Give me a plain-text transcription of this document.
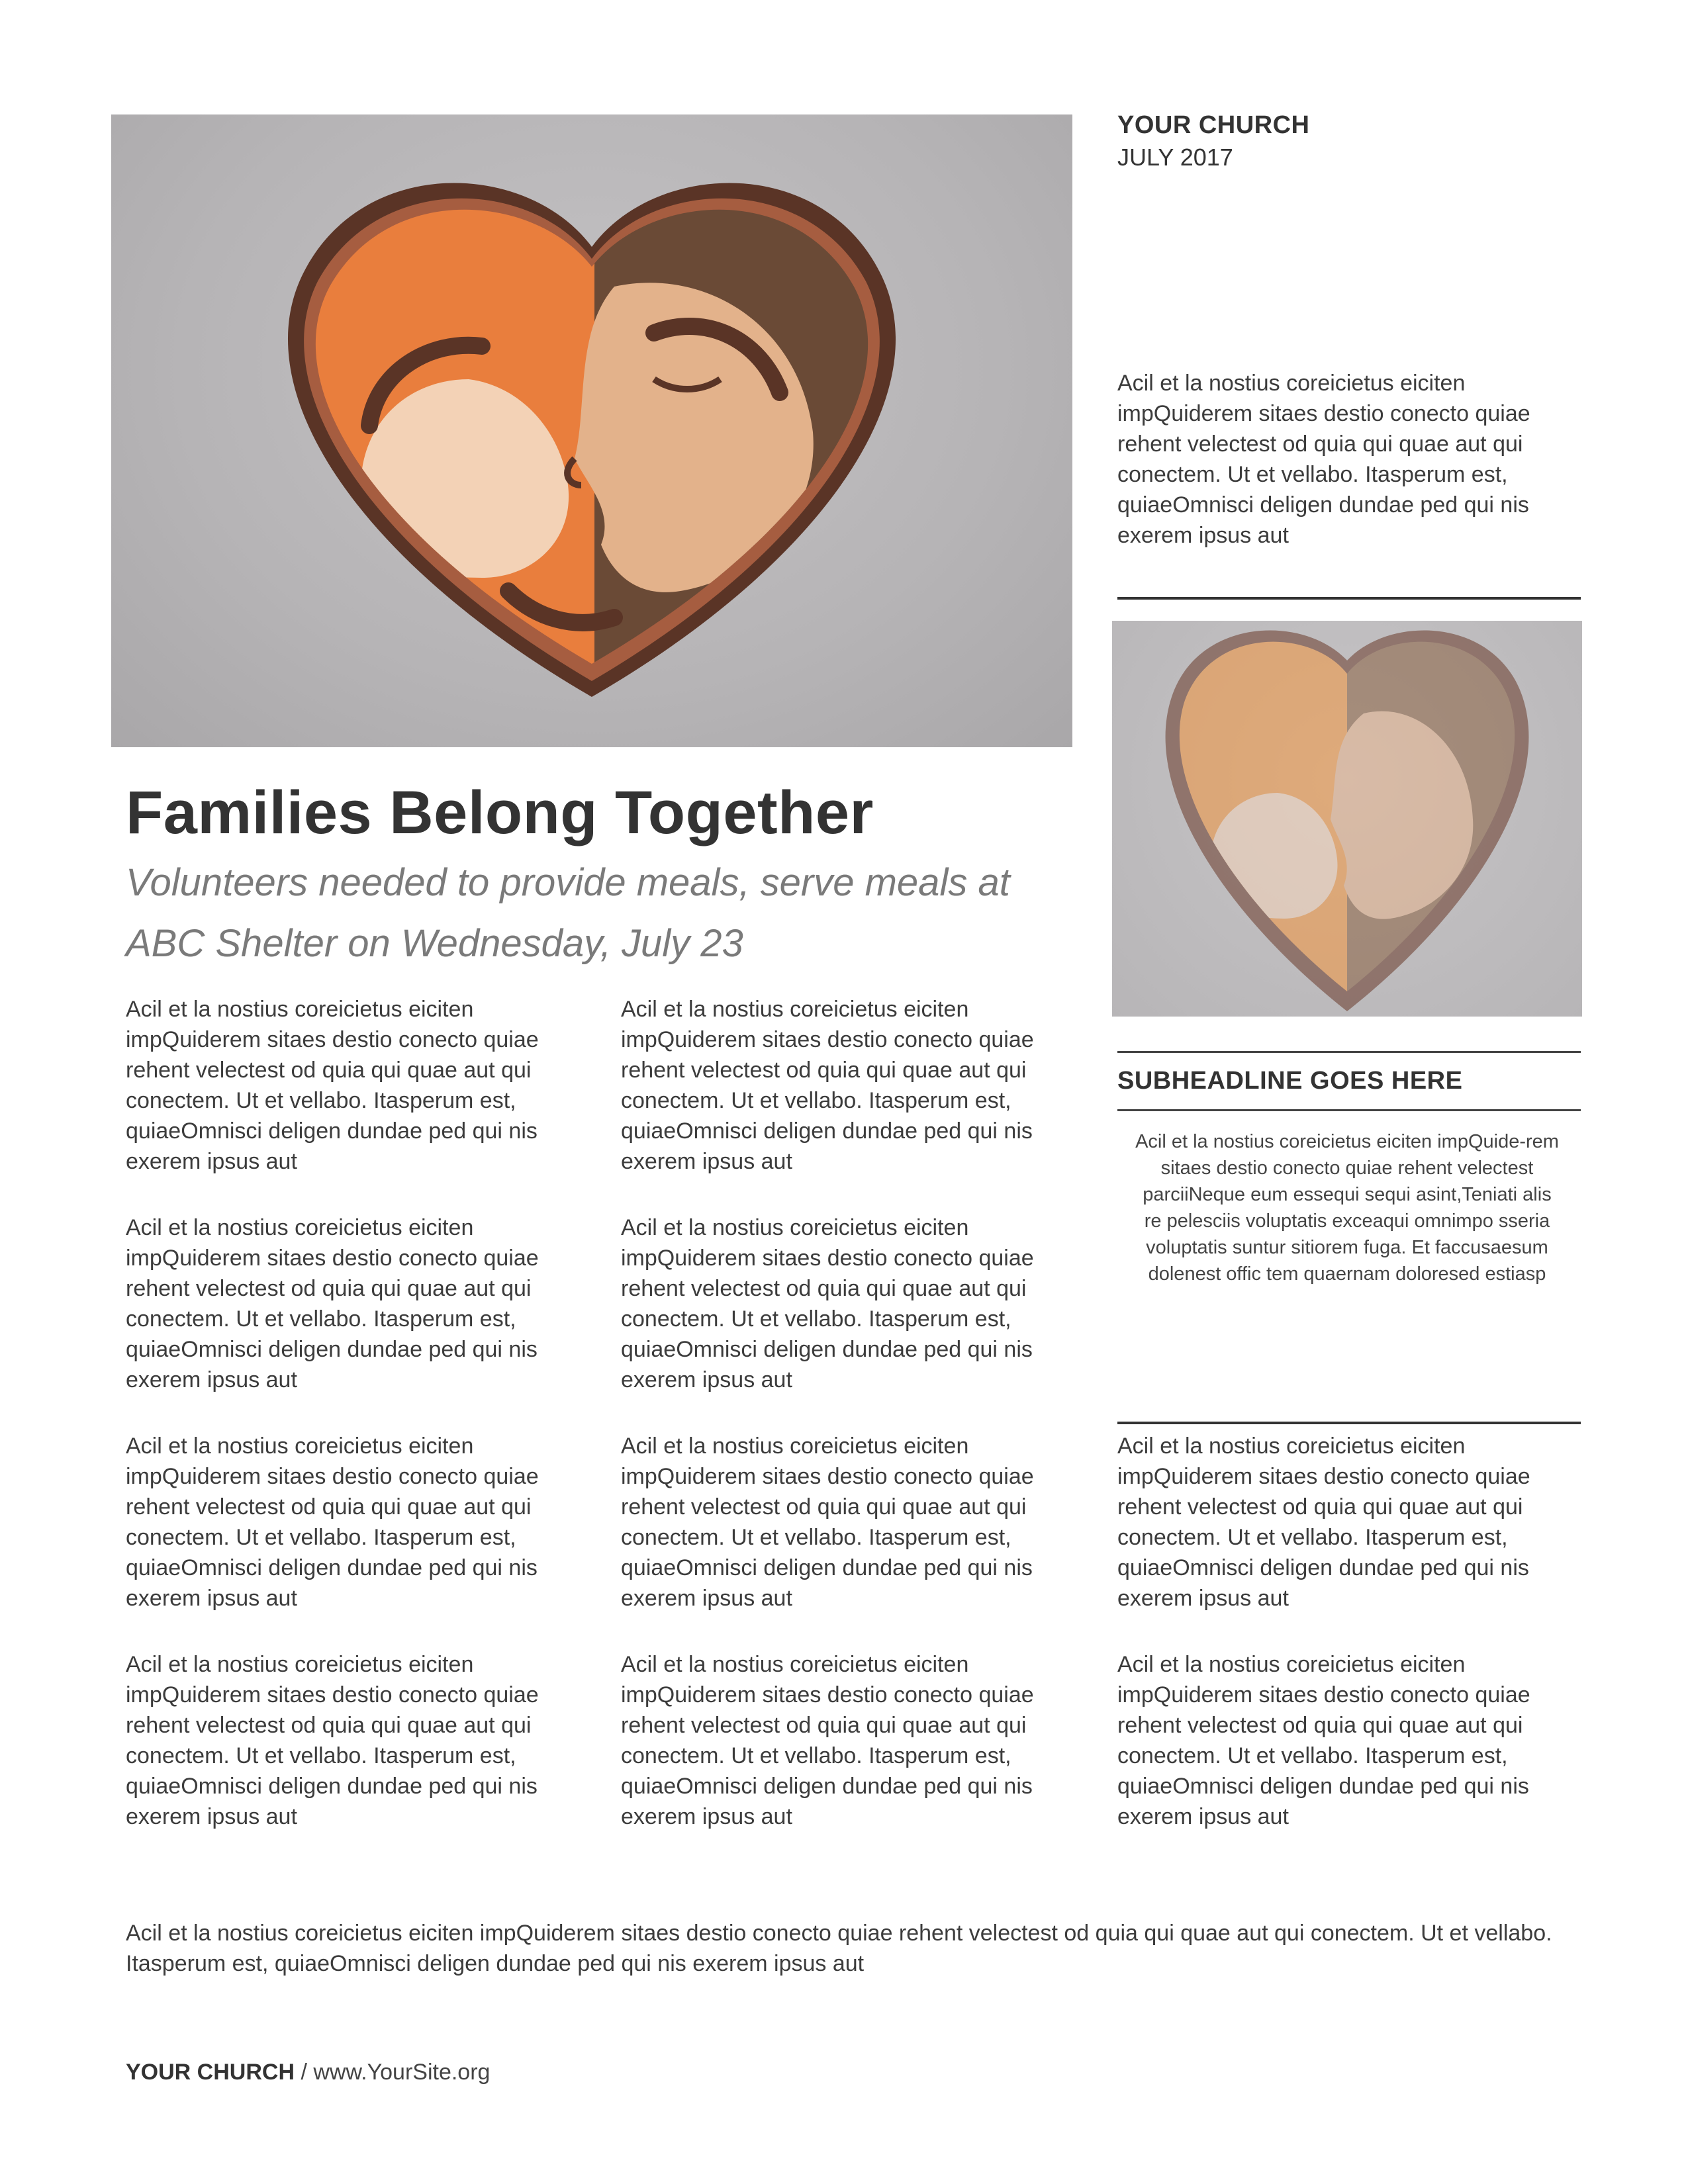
YOUR CHURCH
JULY 2017

Acil et la nostius coreicietus eiciten impQuiderem sitaes destio conecto quiae rehent velectest od quia qui quae aut qui conectem. Ut et vellabo. Itasperum est, quiaeOmnisci deligen dundae ped qui nis exerem ipsus aut

SUBHEADLINE GOES HERE

Acil et la nostius coreicietus eiciten impQuide-rem sitaes destio conecto quiae rehent velectest parciiNeque eum essequi sequi asint,Teniati alis re pelesciis voluptatis exceaqui omnimpo sseria voluptatis suntur sitiorem fuga. Et faccusaesum dolenest offic tem quaernam doloresed estiasp

Acil et la nostius coreicietus eiciten impQuiderem sitaes destio conecto quiae rehent velectest od quia qui quae aut qui conectem. Ut et vellabo. Itasperum est, quiaeOmnisci deligen dundae ped qui nis exerem ipsus aut

Acil et la nostius coreicietus eiciten impQuiderem sitaes destio conecto quiae rehent velectest od quia qui quae aut qui conectem. Ut et vellabo. Itasperum est, quiaeOmnisci deligen dundae ped qui nis exerem ipsus aut

Families Belong Together

Volunteers needed to provide meals, serve meals at ABC Shelter on Wednesday, July 23

Acil et la nostius coreicietus eiciten impQuiderem sitaes destio conecto quiae rehent velectest od quia qui quae aut qui conectem. Ut et vellabo. Itasperum est, quiaeOmnisci deligen dundae ped qui nis exerem ipsus aut

Acil et la nostius coreicietus eiciten impQuiderem sitaes destio conecto quiae rehent velectest od quia qui quae aut qui conectem. Ut et vellabo. Itasperum est, quiaeOmnisci deligen dundae ped qui nis exerem ipsus aut

Acil et la nostius coreicietus eiciten impQuiderem sitaes destio conecto quiae rehent velectest od quia qui quae aut qui conectem. Ut et vellabo. Itasperum est, quiaeOmnisci deligen dundae ped qui nis exerem ipsus aut

Acil et la nostius coreicietus eiciten impQuiderem sitaes destio conecto quiae rehent velectest od quia qui quae aut qui conectem. Ut et vellabo. Itasperum est, quiaeOmnisci deligen dundae ped qui nis exerem ipsus aut

Acil et la nostius coreicietus eiciten impQuiderem sitaes destio conecto quiae rehent velectest od quia qui quae aut qui conectem. Ut et vellabo. Itasperum est, quiaeOmnisci deligen dundae ped qui nis exerem ipsus aut

Acil et la nostius coreicietus eiciten impQuiderem sitaes destio conecto quiae rehent velectest od quia qui quae aut qui conectem. Ut et vellabo. Itasperum est, quiaeOmnisci deligen dundae ped qui nis exerem ipsus aut

Acil et la nostius coreicietus eiciten impQuiderem sitaes destio conecto quiae rehent velectest od quia qui quae aut qui conectem. Ut et vellabo. Itasperum est, quiaeOmnisci deligen dundae ped qui nis exerem ipsus aut

Acil et la nostius coreicietus eiciten impQuiderem sitaes destio conecto quiae rehent velectest od quia qui quae aut qui conectem. Ut et vellabo. Itasperum est, quiaeOmnisci deligen dundae ped qui nis exerem ipsus aut

Acil et la nostius coreicietus eiciten impQuiderem sitaes destio conecto quiae rehent velectest od quia qui quae aut qui conectem. Ut et vellabo. Itasperum est, quiaeOmnisci deligen dundae ped qui nis exerem ipsus aut

YOUR CHURCH / www.YourSite.org
